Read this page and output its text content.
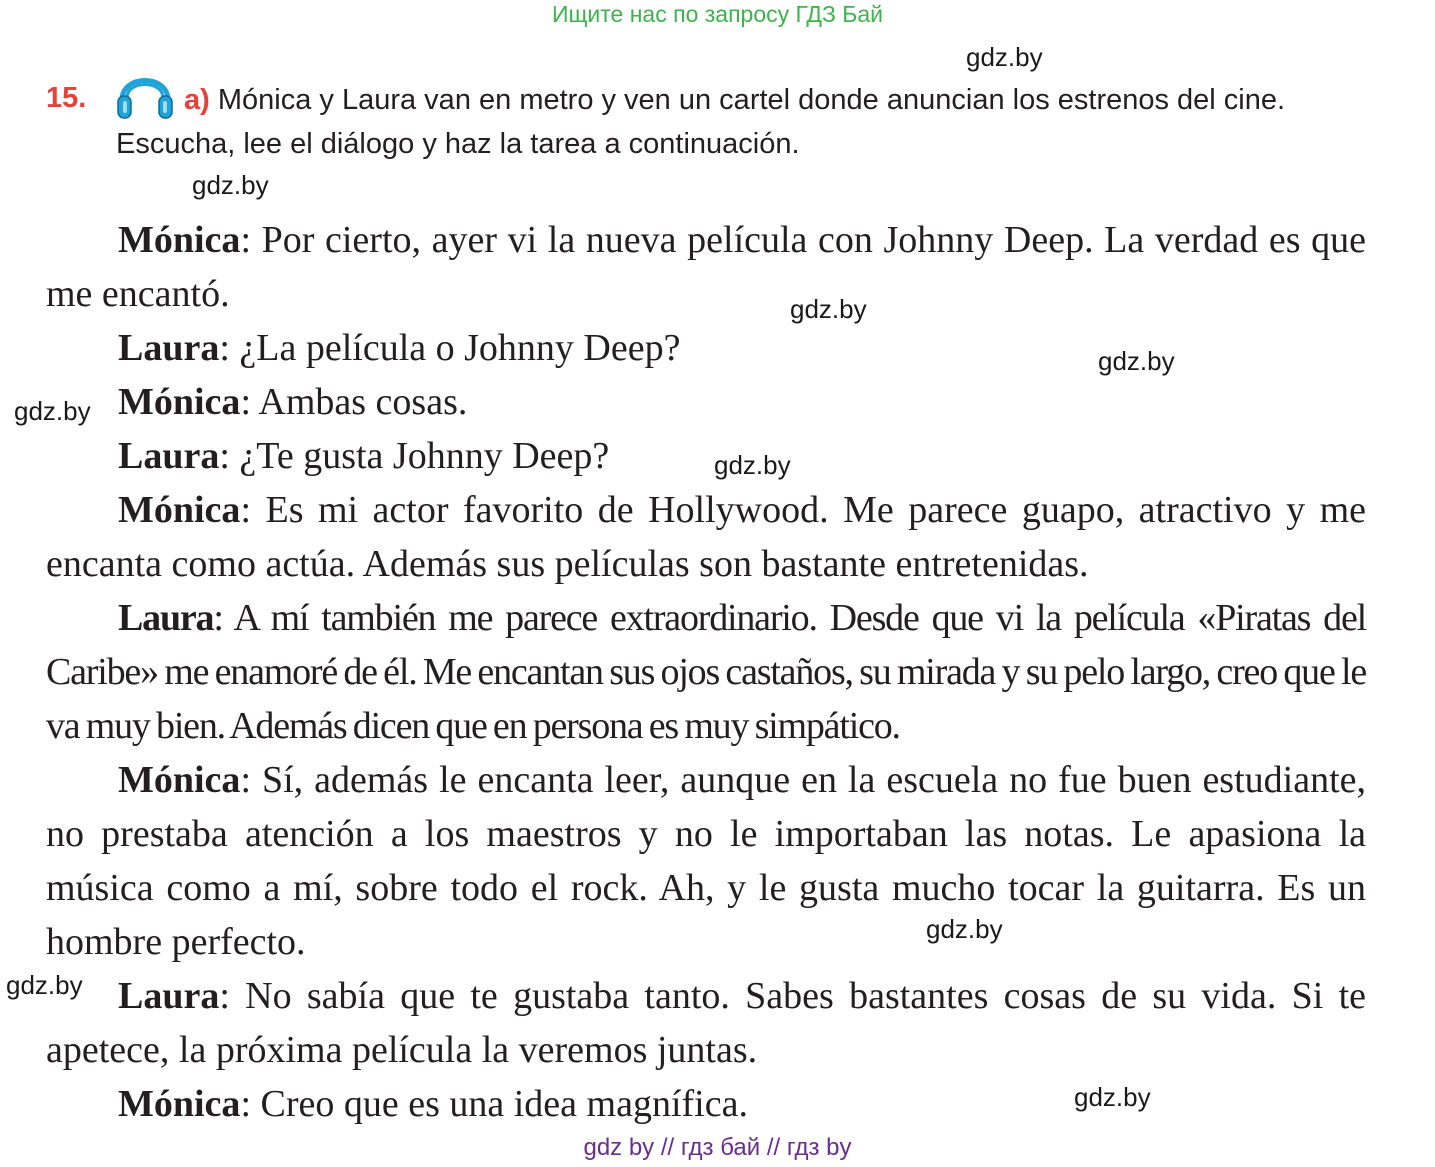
Ищите нас по запросу ГДЗ Бай
gdz.by
gdz.by
gdz.by
gdz.by
gdz.by
gdz.by
gdz.by
gdz.by
gdz.by
15.	a) Mónica y Laura van en metro y ven un cartel donde anuncian los estrenos del cine. Escucha, lee el diálogo y haz la tarea a continuación.

Mónica: Por cierto, ayer vi la nueva película con Johnny Deep. La verdad es que me encantó.

Laura: ¿La película o Johnny Deep?

Mónica: Ambas cosas.

Laura: ¿Te gusta Johnny Deep?

Mónica: Es mi actor favorito de Hollywood. Me parece guapo, atractivo y me encanta como actúa. Además sus películas son bastante entretenidas.

Laura: A mí también me parece extraordinario. Desde que vi la película «Piratas del Caribe» me enamoré de él. Me encantan sus ojos castaños, su mirada y su pelo largo, creo que le va muy bien. Además dicen que en persona es muy simpático.

Mónica: Sí, además le encanta leer, aunque en la escuela no fue buen estudiante, no prestaba atención a los maestros y no le importaban las notas. Le apasiona la música como a mí, sobre todo el rock. Ah, y le gusta mucho tocar la guitarra. Es un hombre perfecto.

Laura: No sabía que te gustaba tanto. Sabes bastantes cosas de su vida. Si te apetece, la próxima película la veremos juntas.

Mónica: Creo que es una idea magnífica.

gdz by // гдз бай // гдз by
